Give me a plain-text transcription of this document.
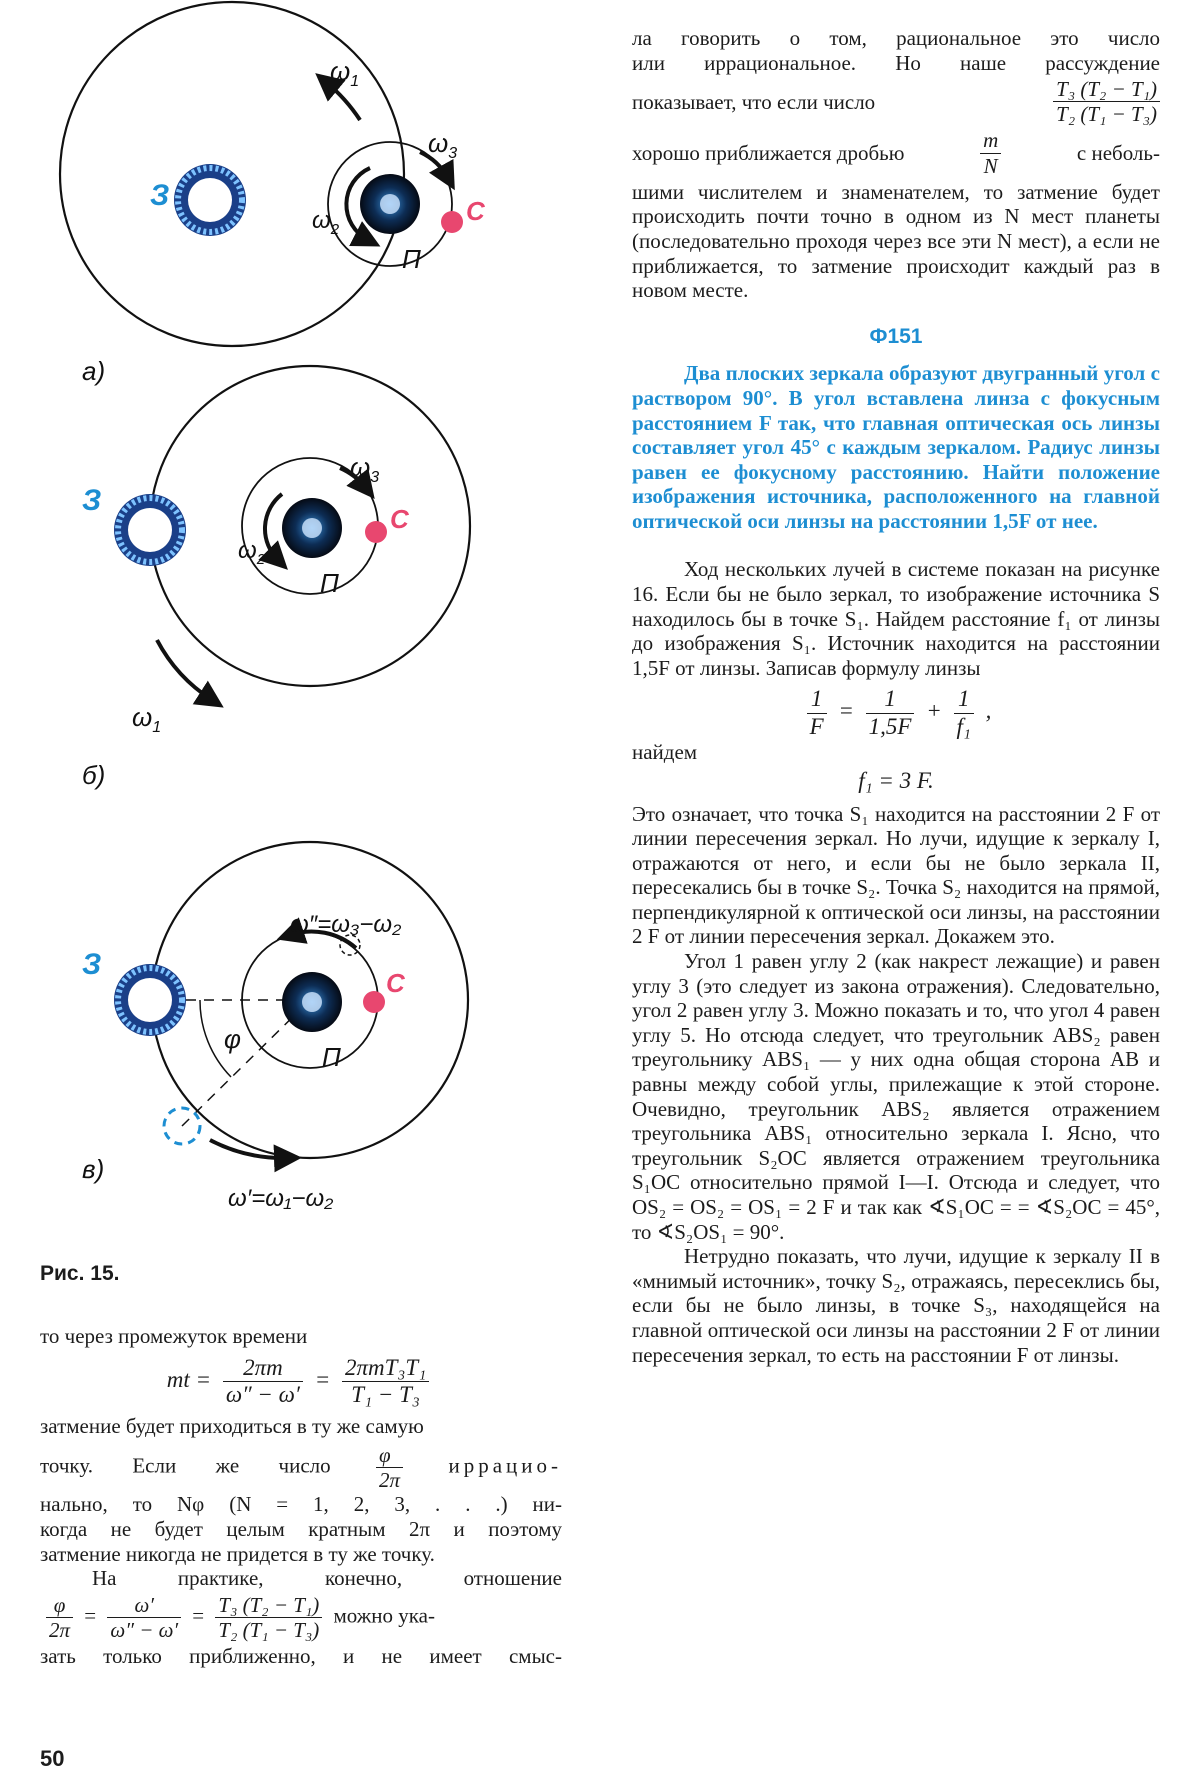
З	С
П
$\omega_1$
$\omega_3$
$\omega_2$
а)
З
С
П
$\omega_3$
$\omega_2$
$\omega_1$
б)
З
С
П
φ
ω″=ω₃−ω₂
ω′=ω₁−ω₂
в)
Рис. 15.

то через промежуток времени

mt = $\frac{2\pi m}{\omega'' - \omega'} = \frac{\text{2πmT₃T₁}}{\text{T₁ − T₃}}$

затмение будет приходиться в ту же самую

точку. Если же число $\frac{\varphi}{2\pi}$ иррацио-

нально, то Nφ (N = 1, 2, 3, . . .) ни-

когда не будет целым кратным 2π и поэтому

затмение никогда не придется в ту же точку.

На практике, конечно, отношение

$\frac{\varphi}{2\pi} = \frac{\omega'}{\omega'' - \omega'} = \frac{\text{T₃ (T₂ − T₁)}}{\text{T₂ (T₁ − T₃)}}$ можно ука-

зать только приближенно, и не имеет смыс-

50

ла говорить о том, рациональное это число

или иррациональное. Но наше рассуждение

показывает, что если число	$\frac{\text{T₃ (T₂ − T₁)}}{\text{T₂ (T₁ − T₃)}}$

хорошо приближается дробью	$\frac{m}{N}$	с неболь-

шими числителем и знаменателем, то затмение будет происходить почти точно в одном из N мест планеты (последовательно проходя через все эти N мест), а если не приближается, то затмение происходит каждый раз в новом месте.

Ф151

Два плоских зеркала образуют двугранный угол с раствором 90°. В угол вставлена линза с фокусным расстоянием F так, что главная оптическая ось линзы составляет угол 45° с каждым зеркалом. Радиус линзы равен ее фокусному расстоянию. Найти положение изображения источника, расположенного на главной оптической оси линзы на расстоянии 1,5F от нее.

Ход нескольких лучей в системе показан на рисунке 16. Если бы не было зеркал, то изображение источника S находилось бы в точке S₁. Найдем расстояние f₁ от линзы до изображения S₁. Источник находится на расстоянии 1,5F от линзы. Записав формулу линзы

$\frac{1}{F} = \frac{1}{1,5F} + \frac{1}{\text{f₁}}$ ,

найдем

f₁ = 3 F.

Это означает, что точка S₁ находится на расстоянии 2 F от линии пересечения зеркал. Но лучи, идущие к зеркалу I, отражаются от него, и если бы не было зеркала II, пересекались бы в точке S₂. Точка S₂ находится на прямой, перпендикулярной к оптической оси линзы, на расстоянии 2 F от линии пересечения зеркал. Докажем это.

Угол 1 равен углу 2 (как накрест лежащие) и равен углу 3 (это следует из закона отражения). Следовательно, угол 2 равен углу 3. Можно показать и то, что угол 4 равен углу 5. Но отсюда следует, что треугольник ABS₂ равен треугольнику ABS₁ — у них одна общая сторона AB и равны между собой углы, прилежащие к этой стороне. Очевидно, треугольник ABS₂ является отражением треугольника ABS₁ относительно зеркала I. Ясно, что треугольник S₂OC является отражением треугольника S₁OC относительно прямой I—I. Отсюда и следует, что OS₂ = OS₂ = OS₁ = 2 F и так как ∢S₁OC = = ∢S₂OC = 45°, то ∢S₂OS₁ = 90°.

Нетрудно показать, что лучи, идущие к зеркалу II в «мнимый источник», точку S₂, отражаясь, пересеклись бы, если бы не было линзы, в точке S₃, находящейся на главной оптической оси линзы на расстоянии 2 F от линии пересечения зеркал, то есть на расстоянии F от линзы.
